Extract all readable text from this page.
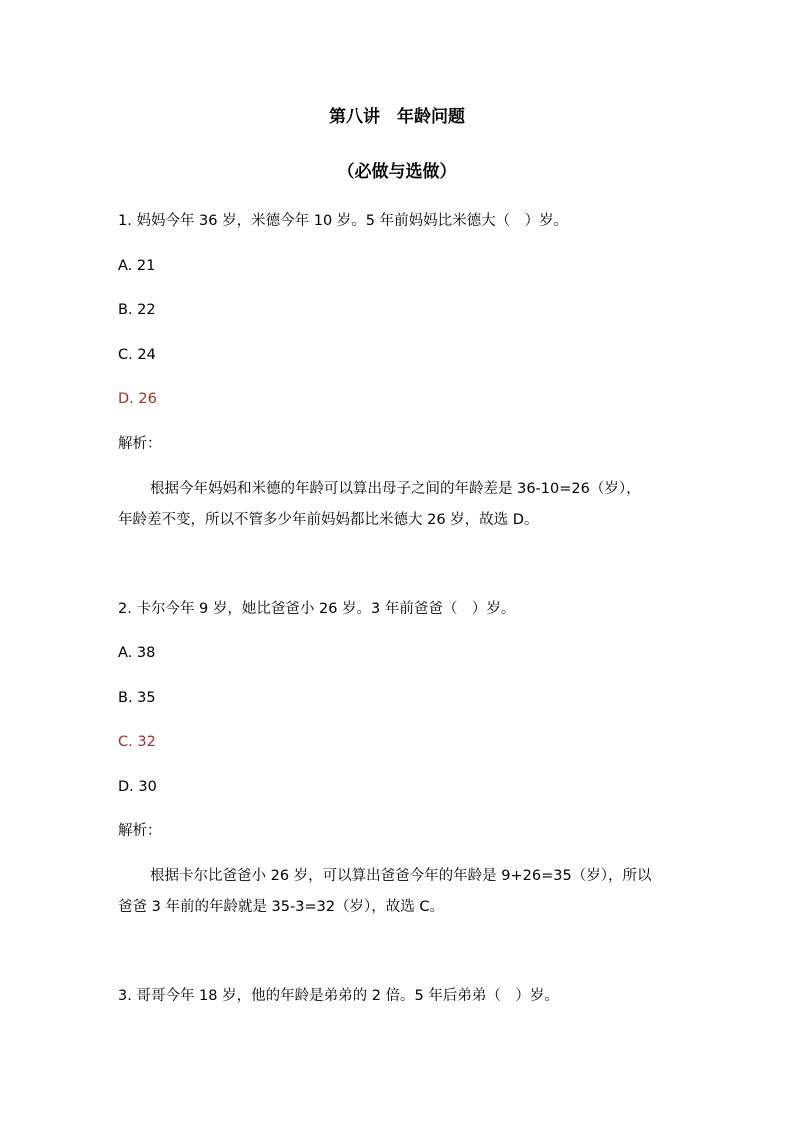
第八讲　年龄问题
（必做与选做）
1. 妈妈今年 36 岁，米德今年 10 岁。5 年前妈妈比米德大（　）岁。
A. 21
B. 22
C. 24
D. 26
解析：
根据今年妈妈和米德的年龄可以算出母子之间的年龄差是 36-10=26（岁），
年龄差不变，所以不管多少年前妈妈都比米德大 26 岁，故选 D。
2. 卡尔今年 9 岁，她比爸爸小 26 岁。3 年前爸爸（　）岁。
A. 38
B. 35
C. 32
D. 30
解析：
根据卡尔比爸爸小 26 岁，可以算出爸爸今年的年龄是 9+26=35（岁），所以
爸爸 3 年前的年龄就是 35-3=32（岁），故选 C。
3. 哥哥今年 18 岁，他的年龄是弟弟的 2 倍。5 年后弟弟（　）岁。
